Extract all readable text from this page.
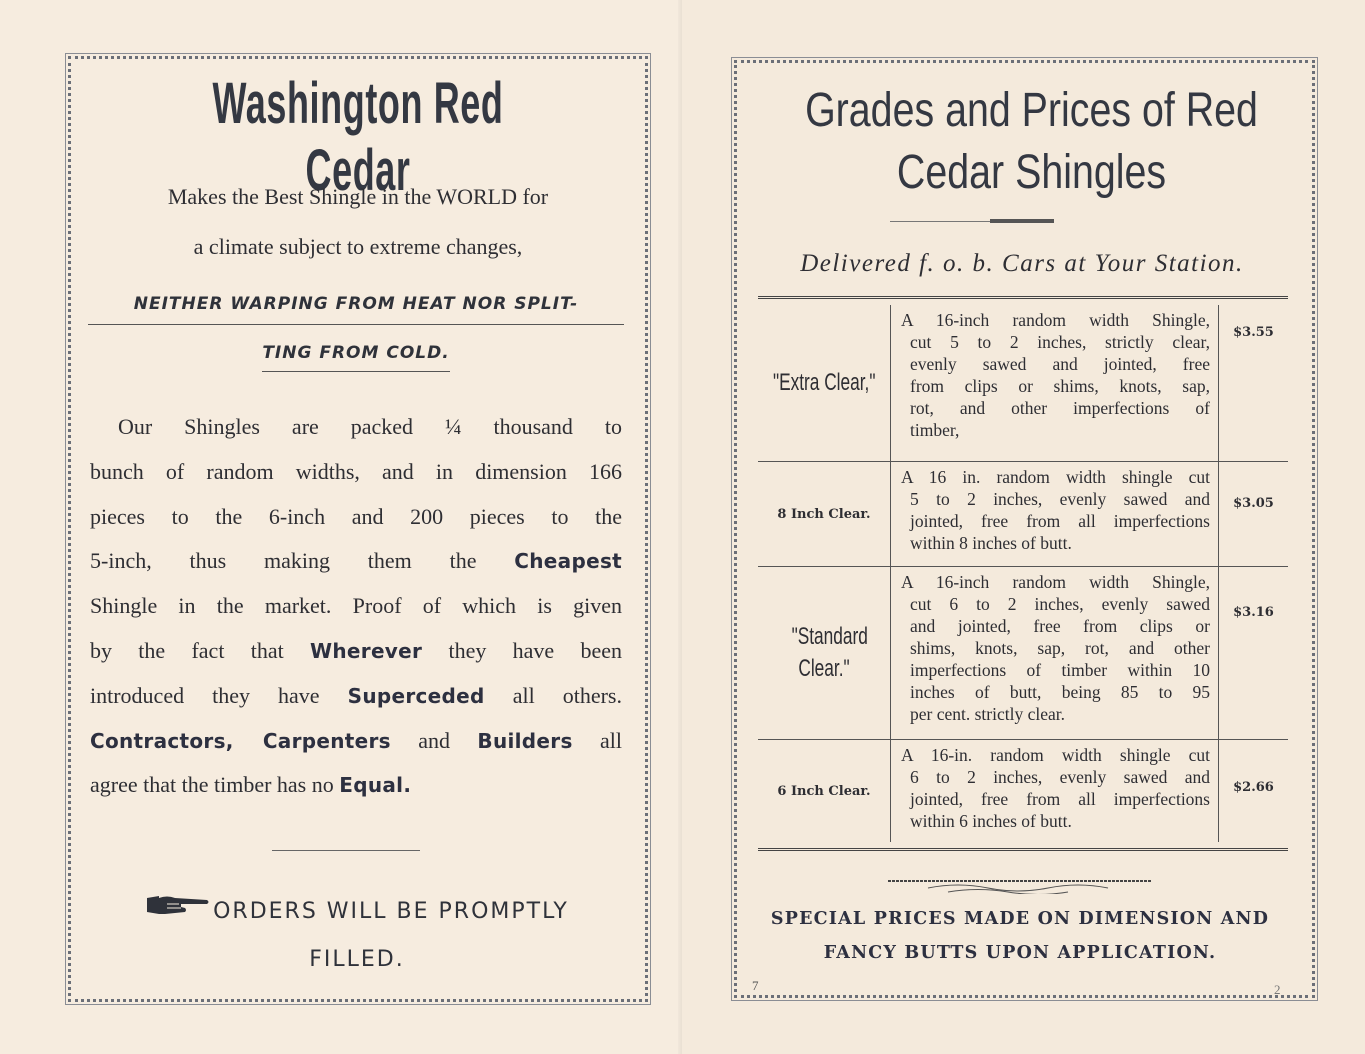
Washington Red Cedar
Makes the Best Shingle in the WORLD for
a climate subject to extreme changes,
NEITHER WARPING FROM HEAT NOR SPLIT-
TING FROM COLD.
Our Shingles are packed ¼ thousand to
bunch of random widths, and in dimension 166
pieces to the 6-inch and 200 pieces to the
5-inch, thus making them the Cheapest
Shingle in the market. Proof of which is given
by the fact that Wherever they have been
introduced they have Superceded all others.
Contractors, Carpenters and Builders all
agree that the timber has no Equal.
ORDERS WILL BE PROMPTLY
FILLED.
Grades and Prices of Red
Cedar Shingles
Delivered f. o. b. Cars at Your Station.
"Extra Clear,"
A 16-inch random width Shingle,
cut 5 to 2 inches, strictly clear,
evenly sawed and jointed, free
from clips or shims, knots, sap,
rot, and other imperfections of
timber,
$3.55
8 Inch Clear.
A 16 in. random width shingle cut
5 to 2 inches, evenly sawed and
jointed, free from all imperfections
within 8 inches of butt.
$3.05
"Standard Clear."
A 16-inch random width Shingle,
cut 6 to 2 inches, evenly sawed
and jointed, free from clips or
shims, knots, sap, rot, and other
imperfections of timber within 10
inches of butt, being 85 to 95
per cent. strictly clear.
$3.16
6 Inch Clear.
A 16-in. random width shingle cut
6 to 2 inches, evenly sawed and
jointed, free from all imperfections
within 6 inches of butt.
$2.66
SPECIAL PRICES MADE ON DIMENSION AND
FANCY BUTTS UPON APPLICATION.
7	2
